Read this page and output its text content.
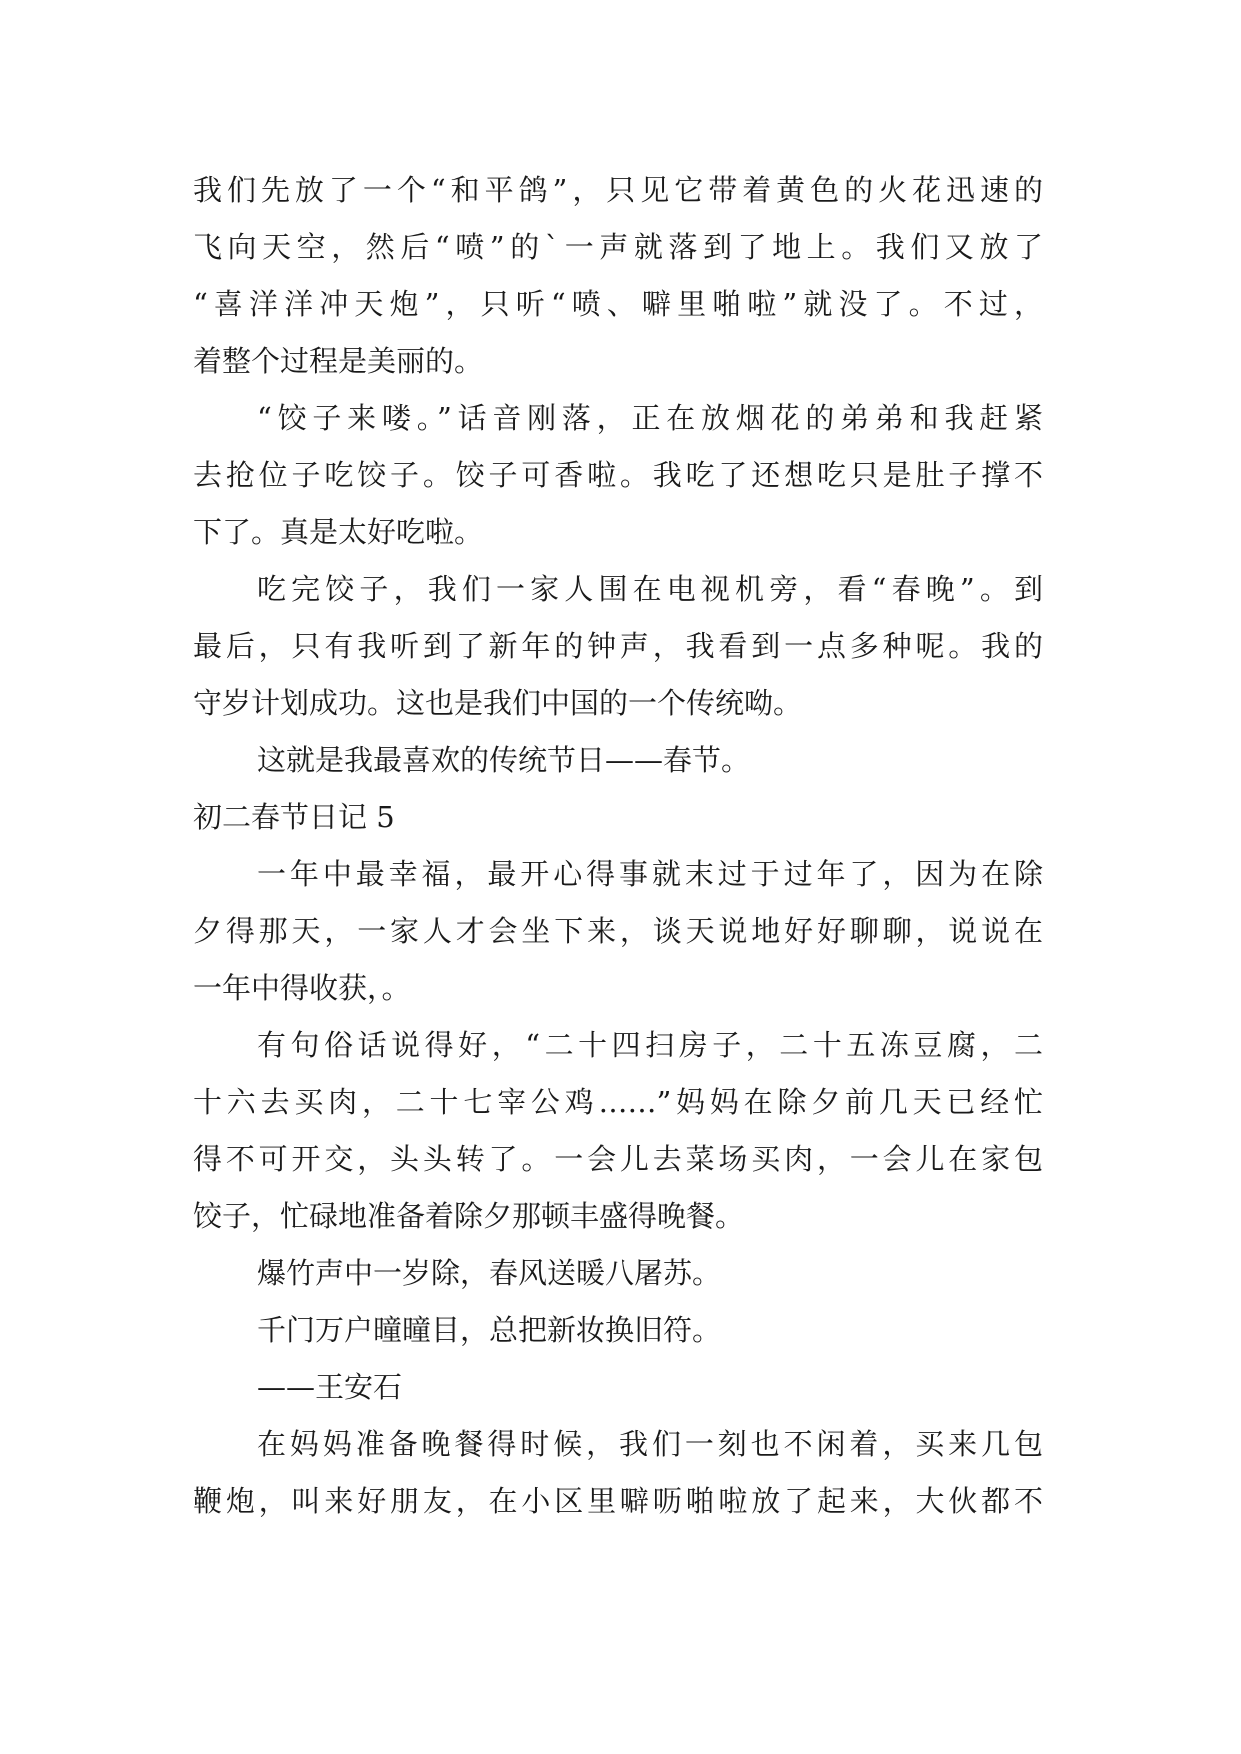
我们先放了一个“和平鸽”，只见它带着黄色的火花迅速的
飞向天空，然后“喷”的`一声就落到了地上。我们又放了
“喜洋洋冲天炮”，只听“喷、噼里啪啦”就没了。不过，
着整个过程是美丽的。
“饺子来喽。”话音刚落，正在放烟花的弟弟和我赶紧
去抢位子吃饺子。饺子可香啦。我吃了还想吃只是肚子撑不
下了。真是太好吃啦。
吃完饺子，我们一家人围在电视机旁，看“春晚”。到
最后，只有我听到了新年的钟声，我看到一点多种呢。我的
守岁计划成功。这也是我们中国的一个传统呦。
这就是我最喜欢的传统节日——春节。
初二春节日记 5
一年中最幸福，最开心得事就末过于过年了，因为在除
夕得那天，一家人才会坐下来，谈天说地好好聊聊，说说在
一年中得收获，。
有句俗话说得好，“二十四扫房子，二十五冻豆腐，二
十六去买肉，二十七宰公鸡……”妈妈在除夕前几天已经忙
得不可开交，头头转了。一会儿去菜场买肉，一会儿在家包
饺子，忙碌地准备着除夕那顿丰盛得晚餐。
爆竹声中一岁除，春风送暖八屠苏。
千门万户曈曈目，总把新妆换旧符。
——王安石
在妈妈准备晚餐得时候，我们一刻也不闲着，买来几包
鞭炮，叫来好朋友，在小区里噼呖啪啦放了起来，大伙都不
